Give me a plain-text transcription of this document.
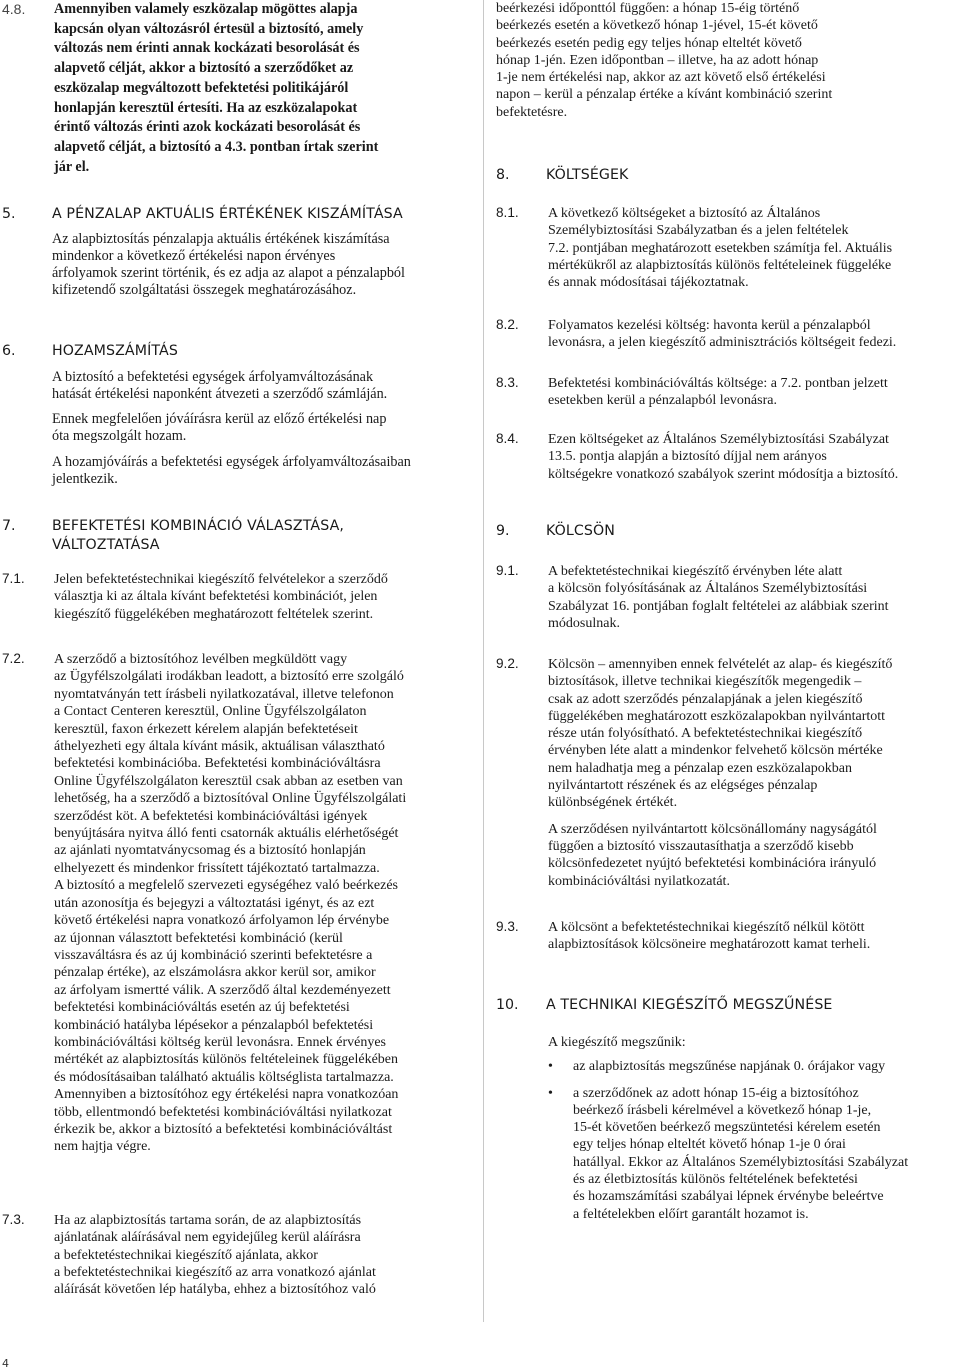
4.8.	Amennyiben valamely eszközalap mögöttes alapja
kapcsán olyan változásról értesül a biztosító, amely
változás nem érinti annak kockázati besorolását és
alapvető célját, akkor a biztosító a szerződőket az
eszközalap megváltozott befektetési politikájáról
honlapján keresztül értesíti. Ha az eszközalapokat
érintő változás érinti azok kockázati besorolását és
alapvető célját, a biztosító a 4.3. pontban írtak szerint
jár el.
5.	A PÉNZALAP AKTUÁLIS ÉRTÉKÉNEK KISZÁMÍTÁSA
Az alapbiztosítás pénzalapja aktuális értékének kiszámítása
mindenkor a következő értékelési napon érvényes
árfolyamok szerint történik, és ez adja az alapot a pénzalapból
kifizetendő szolgáltatási összegek meghatározásához.
6.	HOZAMSZÁMÍTÁS

A biztosító a befektetési egységek árfolyamváltozásának
hatását értékelési naponként átvezeti a szerződő számláján.

Ennek megfelelően jóváírásra kerül az előző értékelési nap
óta megszolgált hozam.

A hozamjóváírás a befektetési egységek árfolyamváltozásaiban
jelentkezik.

7.	BEFEKTETÉSI KOMBINÁCIÓ VÁLASZTÁSA,
VÁLTOZTATÁSA
7.1.	Jelen befektetéstechnikai kiegészítő felvételekor a szerződő
választja ki az általa kívánt befektetési kombinációt, jelen
kiegészítő függelékében meghatározott feltételek szerint.
7.2.	A szerződő a biztosítóhoz levélben megküldött vagy
az Ügyfélszolgálati irodákban leadott, a biztosító erre szolgáló
nyomtatványán tett írásbeli nyilatkozatával, illetve telefonon
a Contact Centeren keresztül, Online Ügyfélszolgálaton
keresztül, faxon érkezett kérelem alapján befektetéseit
áthelyezheti egy általa kívánt másik, aktuálisan választható
befektetési kombinációba. Befektetési kombinációváltásra
Online Ügyfélszolgálaton keresztül csak abban az esetben van
lehetőség, ha a szerződő a biztosítóval Online Ügyfélszolgálati
szerződést köt. A befektetési kombinációváltási igények
benyújtására nyitva álló fenti csatornák aktuális elérhetőségét
az ajánlati nyomtatványcsomag és a biztosító honlapján
elhelyezett és mindenkor frissített tájékoztató tartalmazza.
A biztosító a megfelelő szervezeti egységéhez való beérkezés
után azonosítja és bejegyzi a változtatási igényt, és az ezt
követő értékelési napra vonatkozó árfolyamon lép érvénybe
az újonnan választott befektetési kombináció (kerül
visszaváltásra és az új kombináció szerinti befektetésre a
pénzalap értéke), az elszámolásra akkor kerül sor, amikor
az árfolyam ismertté válik. A szerződő által kezdeményezett
befektetési kombinációváltás esetén az új befektetési
kombináció hatályba lépésekor a pénzalapból befektetési
kombinációváltási költség kerül levonásra. Ennek érvényes
mértékét az alapbiztosítás különös feltételeinek függelékében
és módosításaiban található aktuális költséglista tartalmazza.
Amennyiben a biztosítóhoz egy értékelési napra vonatkozóan
több, ellentmondó befektetési kombinációváltási nyilatkozat
érkezik be, akkor a biztosító a befektetési kombinációváltást
nem hajtja végre.
7.3.	Ha az alapbiztosítás tartama során, de az alapbiztosítás
ajánlatának aláírásával nem egyidejűleg kerül aláírásra
a befektetéstechnikai kiegészítő ajánlata, akkor
a befektetéstechnikai kiegészítő az arra vonatkozó ajánlat
aláírását követően lép hatályba, ehhez a biztosítóhoz való
beérkezési időponttól függően: a hónap 15-éig történő
beérkezés esetén a következő hónap 1-jével, 15-ét követő
beérkezés esetén pedig egy teljes hónap elteltét követő
hónap 1-jén. Ezen időpontban – illetve, ha az adott hónap
1-je nem értékelési nap, akkor az azt követő első értékelési
napon – kerül a pénzalap értéke a kívánt kombináció szerint
befektetésre.
8.	KÖLTSÉGEK
8.1.	A következő költségeket a biztosító az Általános
Személybiztosítási Szabályzatban és a jelen feltételek
7.2. pontjában meghatározott esetekben számítja fel. Aktuális
mértékükről az alapbiztosítás különös feltételeinek függeléke
és annak módosításai tájékoztatnak.
8.2.	Folyamatos kezelési költség: havonta kerül a pénzalapból
levonásra, a jelen kiegészítő adminisztrációs költségeit fedezi.
8.3.	Befektetési kombinációváltás költsége: a 7.2. pontban jelzett
esetekben kerül a pénzalapból levonásra.
8.4.	Ezen költségeket az Általános Személybiztosítási Szabályzat
13.5. pontja alapján a biztosító díjjal nem arányos
költségekre vonatkozó szabályok szerint módosítja a biztosító.
9.	KÖLCSÖN
9.1.	A befektetéstechnikai kiegészítő érvényben léte alatt
a kölcsön folyósításának az Általános Személybiztosítási
Szabályzat 16. pontjában foglalt feltételei az alábbiak szerint
módosulnak.
9.2.	Kölcsön – amennyiben ennek felvételét az alap- és kiegészítő
biztosítások, illetve technikai kiegészítők megengedik –
csak az adott szerződés pénzalapjának a jelen kiegészítő
függelékében meghatározott eszközalapokban nyilvántartott
része után folyósítható. A befektetéstechnikai kiegészítő
érvényben léte alatt a mindenkor felvehető kölcsön mértéke
nem haladhatja meg a pénzalap ezen eszközalapokban
nyilvántartott részének és az elégséges pénzalap
különbségének értékét.
A szerződésen nyilvántartott kölcsönállomány nagyságától
függően a biztosító visszautasíthatja a szerződő kisebb
kölcsönfedezetet nyújtó befektetési kombinációra irányuló
kombinációváltási nyilatkozatát.
9.3.	A kölcsönt a befektetéstechnikai kiegészítő nélkül kötött
alapbiztosítások kölcsöneire meghatározott kamat terheli.
10.	A TECHNIKAI KIEGÉSZÍTŐ MEGSZŰNÉSE

A kiegészítő megszűnik:

•	az alapbiztosítás megszűnése napjának 0. órájakor vagy
•	a szerződőnek az adott hónap 15-éig a biztosítóhoz
beérkező írásbeli kérelmével a következő hónap 1-je,
15-ét követően beérkező megszüntetési kérelem esetén
egy teljes hónap elteltét követő hónap 1-je 0 órai
hatállyal. Ekkor az Általános Személybiztosítási Szabályzat
és az életbiztosítás különös feltételének befektetési
és hozamszámítási szabályai lépnek érvénybe beleértve
a feltételekben előírt garantált hozamot is.
4
